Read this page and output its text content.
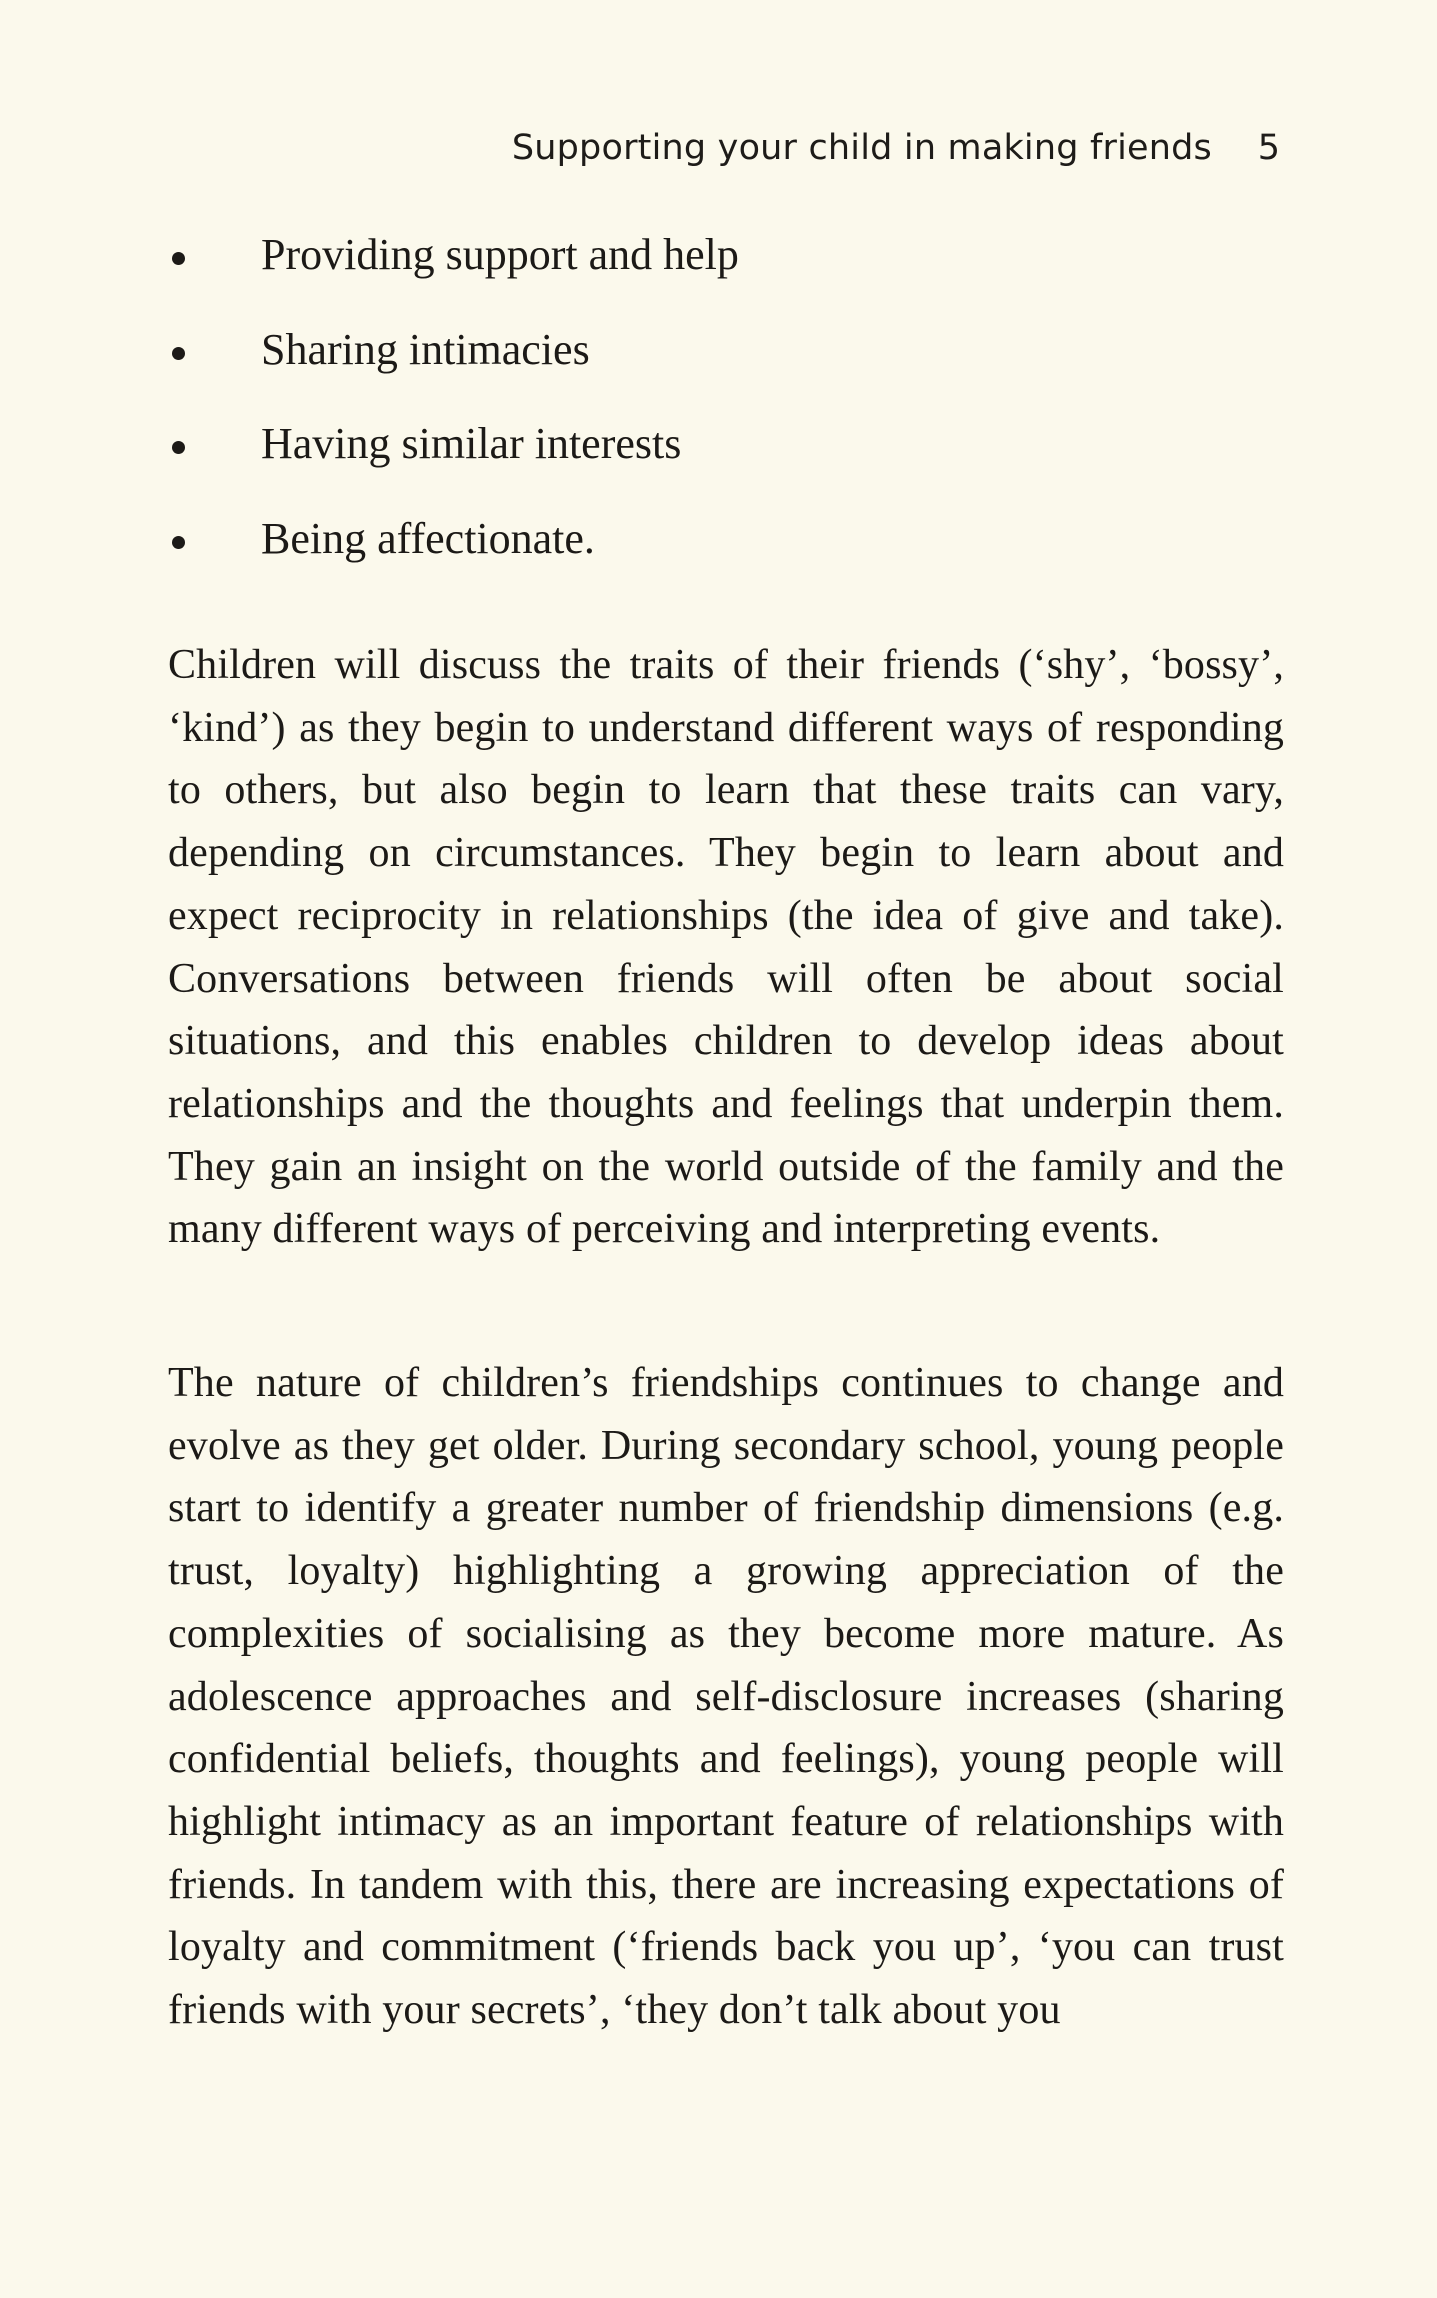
Supporting your child in making friends 5
Providing support and help
Sharing intimacies
Having similar interests
Being affectionate.

Children will discuss the traits of their friends (‘shy’, ‘bossy’, ‘kind’) as they begin to understand different ways of responding to others, but also begin to learn that these traits can vary, depending on circumstances. They begin to learn about and expect reciprocity in relationships (the idea of give and take). Conversations between friends will often be about social situations, and this enables children to develop ideas about relationships and the thoughts and feelings that underpin them. They gain an insight on the world outside of the family and the many different ways of perceiving and interpreting events.

The nature of children’s friendships continues to change and evolve as they get older. During secondary school, young people start to identify a greater number of friendship dimensions (e.g. trust, loyalty) highlighting a growing appreciation of the complexities of socialising as they become more mature. As adolescence approaches and self-disclosure increases (sharing confidential beliefs, thoughts and feelings), young people will highlight intimacy as an important feature of relationships with friends. In tandem with this, there are increasing expectations of loyalty and commitment (‘friends back you up’, ‘you can trust friends with your secrets’, ‘they don’t talk about you
